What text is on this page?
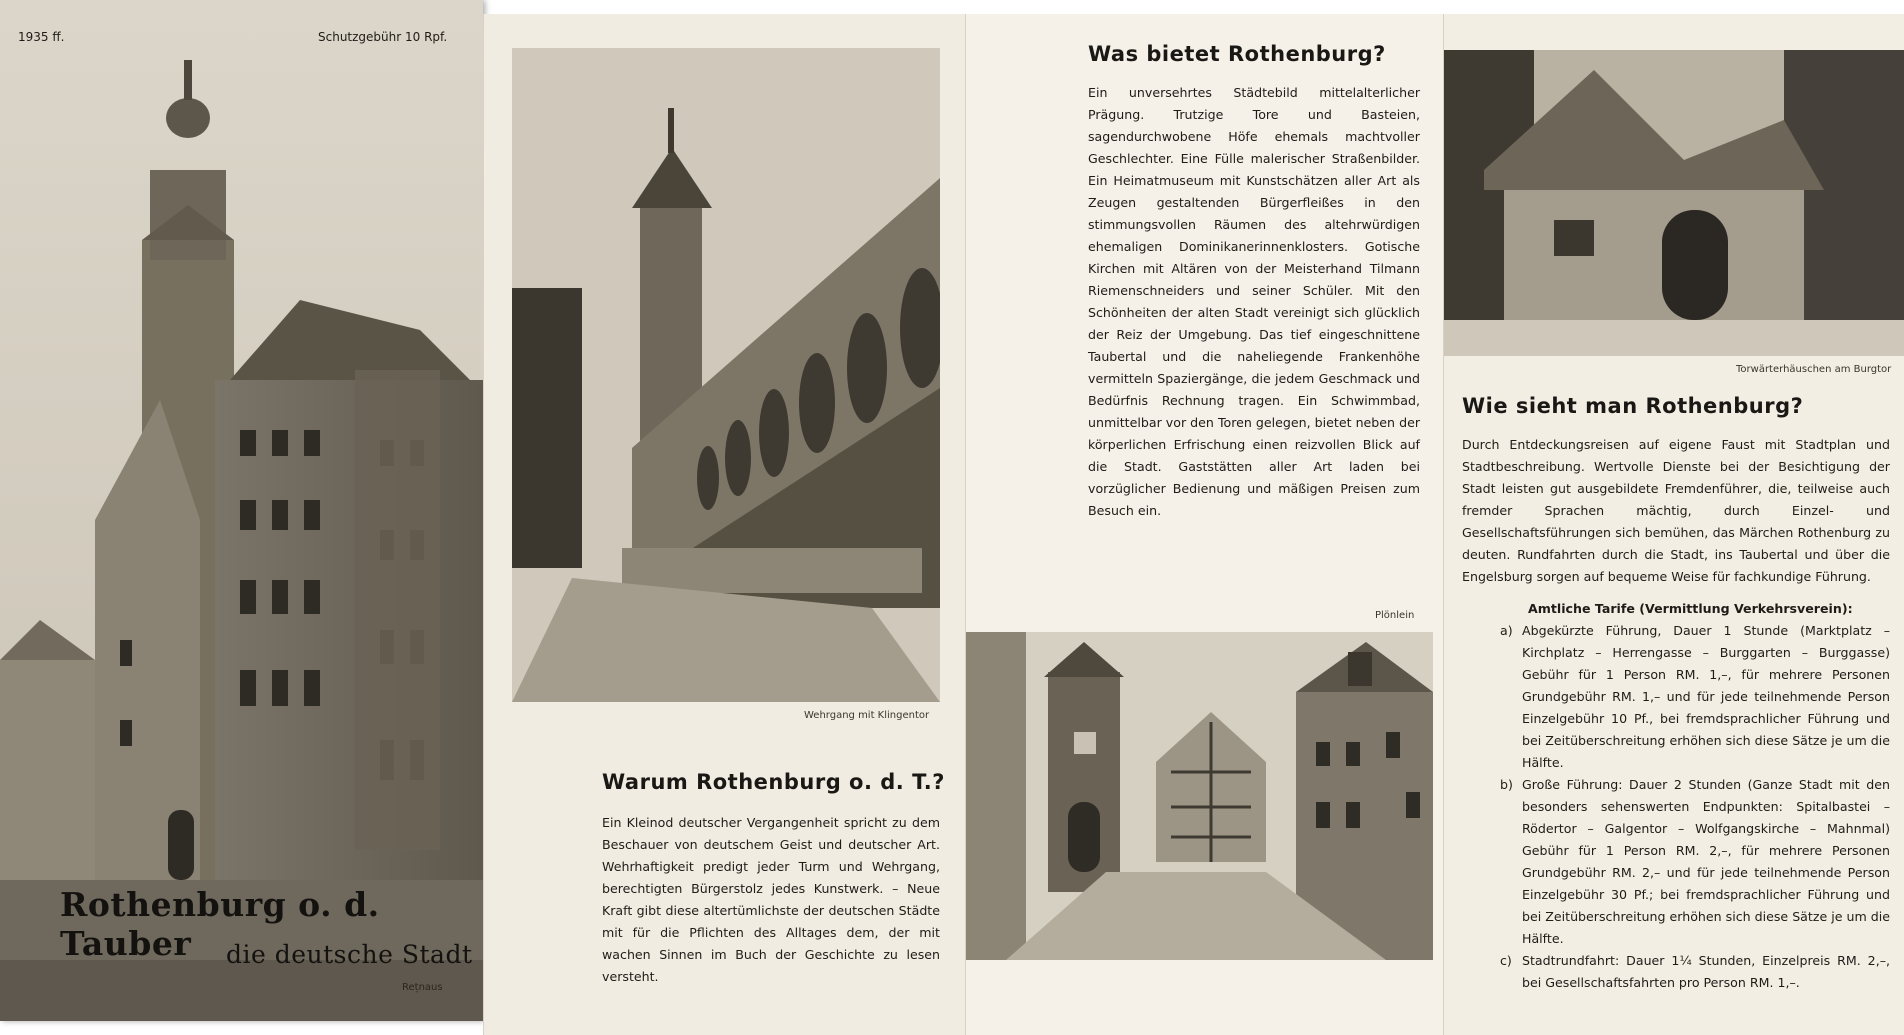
1935 ff.	Schutzgebühr 10 Rpf.
Rothenburg o. d. Tauber	die deutsche Stadt
Rețnaus
Wehrgang mit Klingentor
Warum Rothenburg o. d. T.?
Ein Kleinod deutscher Vergangenheit spricht zu dem Beschauer von deutschem Geist und deutscher Art. Wehrhaftigkeit predigt jeder Turm und Wehrgang, berechtigten Bürgerstolz jedes Kunstwerk. – Neue Kraft gibt diese altertümlichste der deutschen Städte mit für die Pflichten des Alltages dem, der mit wachen Sinnen im Buch der Geschichte zu lesen versteht.
Was bietet Rothenburg?
Ein unversehrtes Städtebild mittelalterlicher Prägung. Trutzige Tore und Basteien, sagendurchwobene Höfe ehemals machtvoller Geschlechter. Eine Fülle malerischer Straßenbilder. Ein Heimatmuseum mit Kunstschätzen aller Art als Zeugen gestaltenden Bürgerfleißes in den stimmungsvollen Räumen des altehrwürdigen ehemaligen Dominikanerinnenklosters. Gotische Kirchen mit Altären von der Meisterhand Tilmann Riemenschneiders und seiner Schüler. Mit den Schönheiten der alten Stadt vereinigt sich glücklich der Reiz der Umgebung. Das tief eingeschnittene Taubertal und die naheliegende Frankenhöhe vermitteln Spaziergänge, die jedem Geschmack und Bedürfnis Rechnung tragen. Ein Schwimmbad, unmittelbar vor den Toren gelegen, bietet neben der körperlichen Erfrischung einen reizvollen Blick auf die Stadt. Gaststätten aller Art laden bei vorzüglicher Bedienung und mäßigen Preisen zum Besuch ein.
Plönlein
Torwärterhäuschen am Burgtor
Wie sieht man Rothenburg?

Durch Entdeckungsreisen auf eigene Faust mit Stadtplan und Stadtbeschreibung. Wertvolle Dienste bei der Besichtigung der Stadt leisten gut ausgebildete Fremdenführer, die, teilweise auch fremder Sprachen mächtig, durch Einzel- und Gesellschaftsführungen sich bemühen, das Märchen Rothenburg zu deuten. Rundfahrten durch die Stadt, ins Taubertal und über die Engelsburg sorgen auf bequeme Weise für fachkundige Führung.

Amtliche Tarife (Vermittlung Verkehrsverein):

a) Abgekürzte Führung, Dauer 1 Stunde (Marktplatz – Kirchplatz – Herrengasse – Burggarten – Burggasse) Gebühr für 1 Person RM. 1,–, für mehrere Personen Grundgebühr RM. 1,– und für jede teilnehmende Person Einzelgebühr 10 Pf., bei fremdsprachlicher Führung und bei Zeitüberschreitung erhöhen sich diese Sätze je um die Hälfte.
b) Große Führung: Dauer 2 Stunden (Ganze Stadt mit den besonders sehenswerten Endpunkten: Spitalbastei – Rödertor – Galgentor – Wolfgangskirche – Mahnmal) Gebühr für 1 Person RM. 2,–, für mehrere Personen Grundgebühr RM. 2,– und für jede teilnehmende Person Einzelgebühr 30 Pf.; bei fremdsprachlicher Führung und bei Zeitüberschreitung erhöhen sich diese Sätze je um die Hälfte.
c) Stadtrundfahrt: Dauer 1¼ Stunden, Einzelpreis RM. 2,–, bei Gesellschaftsfahrten pro Person RM. 1,–.
